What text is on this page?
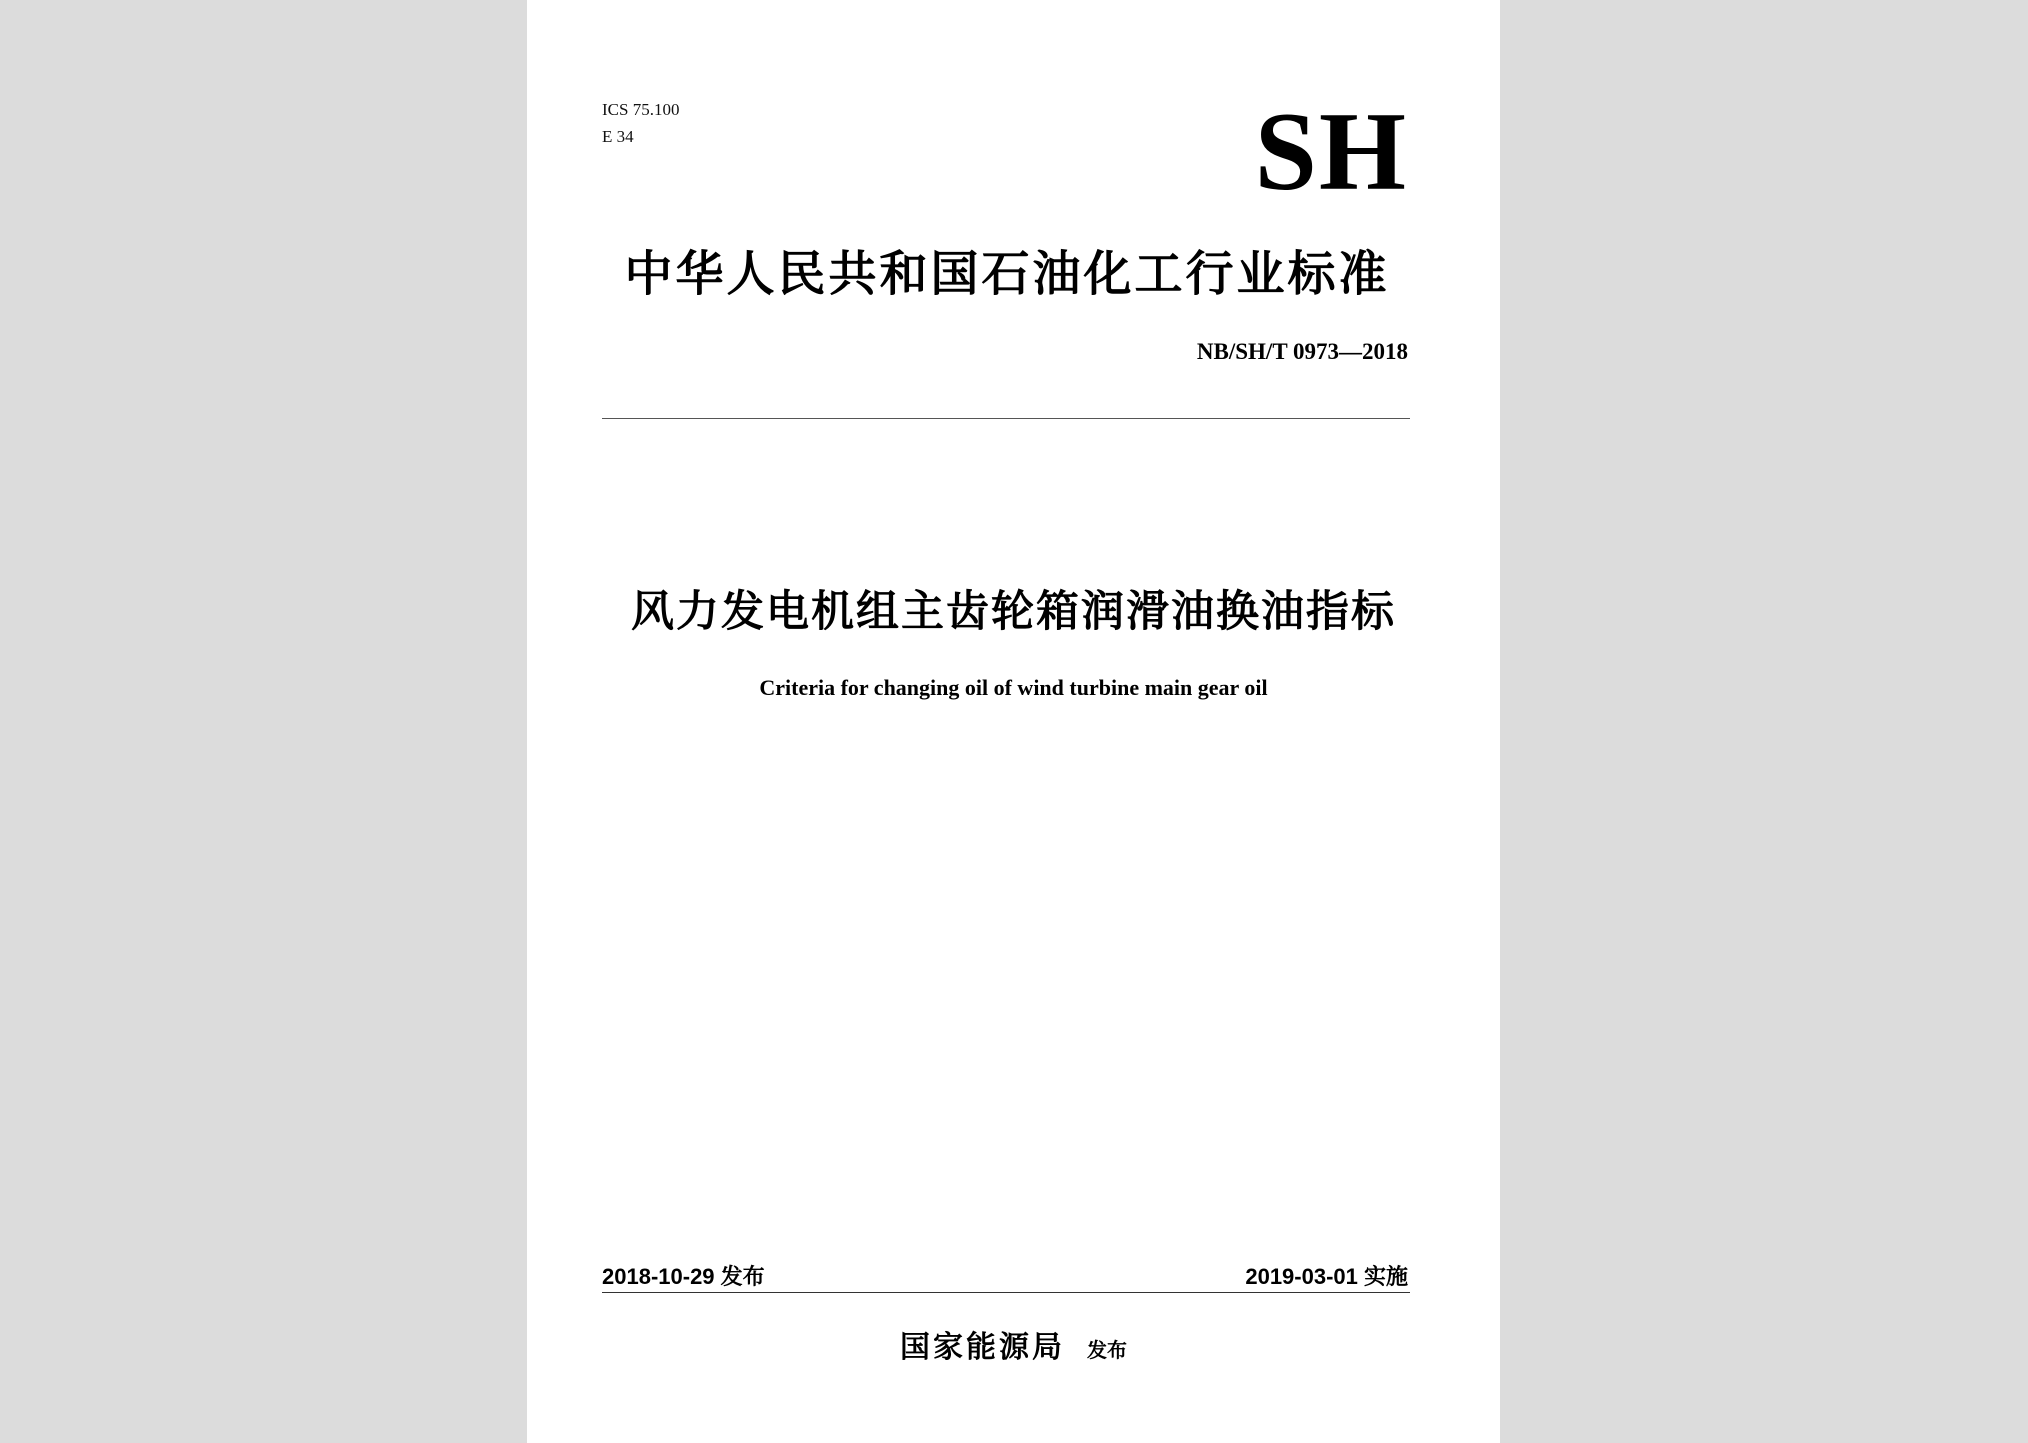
ICS 75.100
E 34	SH
中华人民共和国石油化工行业标准
NB/SH/T 0973—2018
风力发电机组主齿轮箱润滑油换油指标
Criteria for changing oil of wind turbine main gear oil
2018-10-29 发布	2019-03-01 实施
国家能源局 发布
